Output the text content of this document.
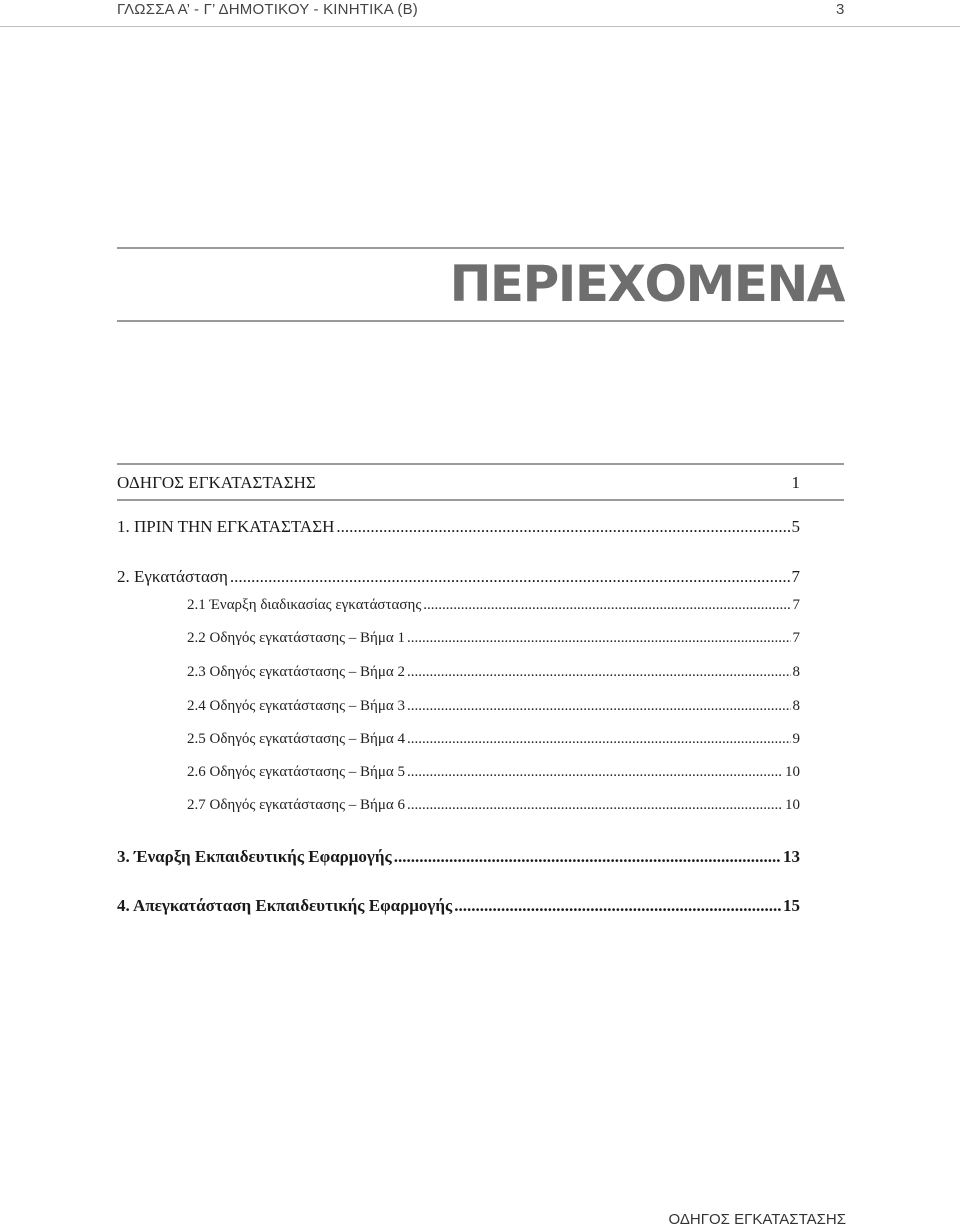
ΓΛΩΣΣΑ Α’ - Γ’ ΔΗΜΟΤΙΚΟΥ - ΚΙΝΗΤΙΚΑ (Β)	3
ΠΕΡΙΕΧΟΜΕΝΑ
ΟΔΗΓΟΣ ΕΓΚΑΤΑΣΤΑΣΗΣ	1
1. ΠΡΙΝ ΤΗΝ ΕΓΚΑΤΑΣΤΑΣΗ .....	5
2. Εγκατάσταση .....	7
2.1 Έναρξη διαδικασίας εγκατάστασης .....	7
2.2 Οδηγός εγκατάστασης – Βήμα 1 .....	7
2.3 Οδηγός εγκατάστασης – Βήμα 2 .....	8
2.4 Οδηγός εγκατάστασης – Βήμα 3 .....	8
2.5 Οδηγός εγκατάστασης – Βήμα 4 .....	9
2.6 Οδηγός εγκατάστασης – Βήμα 5 .....	10
2.7 Οδηγός εγκατάστασης – Βήμα 6 .....	10
3. Έναρξη Εκπαιδευτικής Εφαρμογής .....	13
4. Απεγκατάσταση Εκπαιδευτικής Εφαρμογής .....	15
ΟΔΗΓΟΣ ΕΓΚΑΤΑΣΤΑΣΗΣ
